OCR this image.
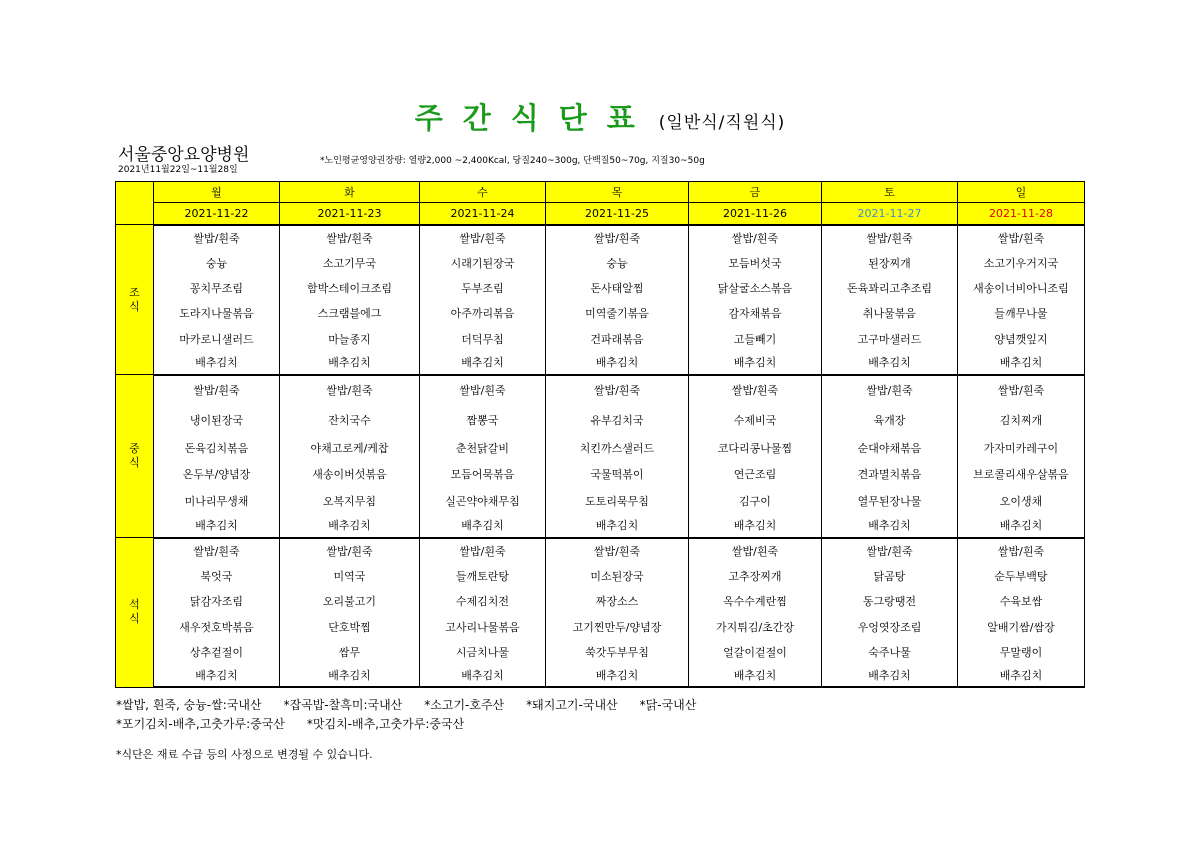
주간식단표 (일반식/직원식)
서울중앙요양병원
2021년11월22일~11월28일
*노인평균영양권장량: 열량2,000 ~2,400Kcal, 당질240~300g, 단백질50~70g, 지질30~50g
	월	화	수	목	금	토	일
	2021-11-22	2021-11-23	2021-11-24	2021-11-25	2021-11-26	2021-11-27	2021-11-28
조
식	쌀밥/흰죽	쌀밥/흰죽	쌀밥/흰죽	쌀밥/흰죽	쌀밥/흰죽	쌀밥/흰죽	쌀밥/흰죽
	숭늉	소고기무국	시래기된장국	숭늉	모듬버섯국	된장찌개	소고기우거지국
	꽁치무조림	함박스테이크조림	두부조림	돈사태알찜	닭살굴소스볶음	돈육꽈리고추조림	새송이너비아니조림
	도라지나물볶음	스크램블에그	아주까리볶음	미역줄기볶음	감자채볶음	취나물볶음	들깨무나물
	마카로니샐러드	마늘종지	더덕무침	건파래볶음	고들빼기	고구마샐러드	양념깻잎지
	배추김치	배추김치	배추김치	배추김치	배추김치	배추김치	배추김치
중
식	쌀밥/흰죽	쌀밥/흰죽	쌀밥/흰죽	쌀밥/흰죽	쌀밥/흰죽	쌀밥/흰죽	쌀밥/흰죽
	냉이된장국	잔치국수	짬뽕국	유부김치국	수제비국	육개장	김치찌개
	돈육김치볶음	야채고로케/케찹	춘천닭갈비	치킨까스샐러드	코다리콩나물찜	순대야채볶음	가자미카레구이
	온두부/양념장	새송이버섯볶음	모듬어묵볶음	국물떡볶이	연근조림	견과멸치볶음	브로콜리새우살볶음
	미나리무생채	오복지무침	실곤약야채무침	도토리묵무침	김구이	열무된장나물	오이생채
	배추김치	배추김치	배추김치	배추김치	배추김치	배추김치	배추김치
석
식	쌀밥/흰죽	쌀밥/흰죽	쌀밥/흰죽	쌀밥/흰죽	쌀밥/흰죽	쌀밥/흰죽	쌀밥/흰죽
	북엇국	미역국	들깨토란탕	미소된장국	고추장찌개	닭곰탕	순두부백탕
	닭감자조림	오리불고기	수제김치전	짜장소스	옥수수계란찜	동그랑땡전	수육보쌈
	새우젓호박볶음	단호박찜	고사리나물볶음	고기찐만두/양념장	가지튀김/초간장	우엉엿장조림	알배기쌈/쌈장
	상추겉절이	쌈무	시금치나물	쑥갓두부무침	얼갈이겉절이	숙주나물	무말랭이
	배추김치	배추김치	배추김치	배추김치	배추김치	배추김치	배추김치
*쌀밥, 흰죽, 숭늉-쌀:국내산 *잡곡밥-찰흑미:국내산 *소고기-호주산 *돼지고기-국내산 *닭-국내산
*포기김치-배추,고춧가루:중국산 *맛김치-배추,고춧가루:중국산
*식단은 재료 수급 등의 사정으로 변경될 수 있습니다.
